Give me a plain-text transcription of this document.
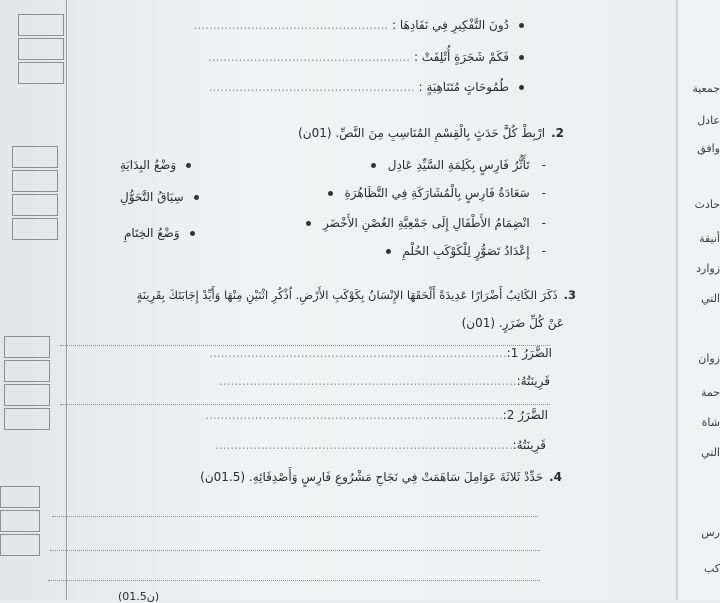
دُونَ التَّفْكِيرِ فِي نَفَادِهَا : ...................................................
فَكَمْ شَجَرَةٍ أُتْلِفَتْ : .....................................................
طُمُوحَاتٍ مُتَنَاهِيَةٍ : ......................................................
2.ارْبِطْ كُلَّ حَدَثٍ بِالْقِسْمِ المُنَاسِبِ مِنَ النَّصِّ. (01ن)
-تَأَثُّرُ فَارِسٍ بِكَلِمَةِ السَّيِّدِ عَادِل
-سَعَادَةُ فَارِسٍ بِالْمُشَارَكَةِ فِي التَّظَاهُرَةِ
-انْضِمَامُ الأَطْفَالِ إِلَى جَمْعِيَّةِ الغُصْنِ الأَخْضَرِ
-إِعْدَادُ تَصَوُّرٍ لِلْكَوْكَبِ الحُلْمِ
وَضْعُ البِدَايَةِ
سِيَاقُ التَّحَوُّلِ
وَضْعُ الخِتَامِ
3.ذَكَرَ الكَاتِبُ أَضْرَارًا عَدِيدَةً أَلْحَقَهَا الإِنْسَانُ بِكَوْكَبِ الأَرْضِ. اُذْكُرِ اثْنَيْنِ مِنْهَا وَأَيِّدْ إِجَابَتَكَ بِقَرِينَةٍ
عَنْ كُلِّ ضَرَرٍ. (01ن)
الضَّرَرُ 1:..............................................................................
قَرِينَتُهُ:..............................................................................
الضَّرَرُ 2:..............................................................................
قَرِينَتُهُ:..............................................................................
4.حَدِّدْ ثَلاثَةَ عَوَامِلَ سَاهَمَتْ فِي نَجَاحِ مَشْرُوعِ فَارِسٍ وَأَصْدِقَائِهِ. (01.5ن)
(01.5ن)
جمعية
عادل
وافق
حادث
أنيقة
زوارد
التي
زوان
حمة
شاة
التي
رس
كب
